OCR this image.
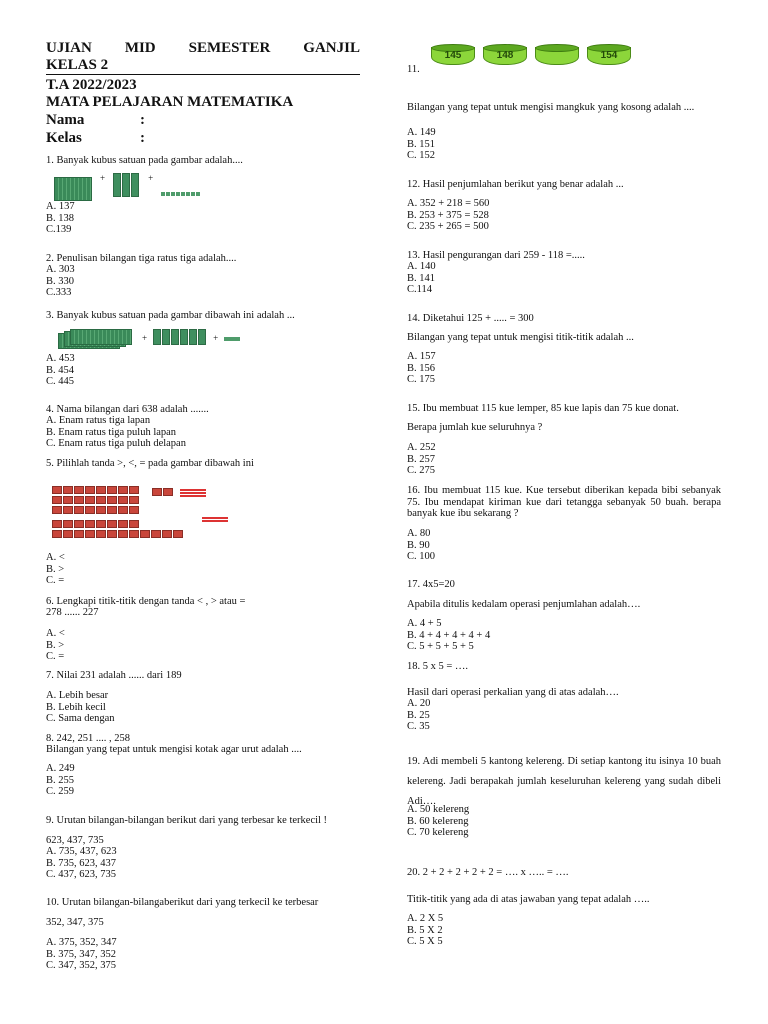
UJIAN MID SEMESTER GANJIL
KELAS 2
T.A 2022/2023
MATA PELAJARAN MATEMATIKA
Nama	:
Kelas	:
1. Banyak kubus satuan pada gambar adalah....
+	+
A. 137
B. 138
C.139
2. Penulisan bilangan tiga ratus tiga adalah....
A. 303
B. 330
C.333
3. Banyak kubus satuan pada gambar dibawah ini adalah ...
+	+
A. 453
B. 454
C. 445
4. Nama bilangan dari 638 adalah .......
A. Enam ratus tiga lapan
B. Enam ratus tiga puluh lapan
C. Enam ratus tiga puluh delapan
5. Pilihlah tanda >, <, = pada gambar dibawah ini
A. <
B. >
C. =
6. Lengkapi titik-titik dengan tanda < , > atau =
278 ...... 227
A. <
B. >
C. =
7. Nilai 231 adalah ...... dari 189
A. Lebih besar
B. Lebih kecil
C. Sama dengan
8. 242, 251 .... , 258
Bilangan yang tepat untuk mengisi kotak agar urut adalah ....
A. 249
B. 255
C. 259
9. Urutan bilangan-bilangan berikut dari yang terbesar ke terkecil !
623, 437, 735
A. 735, 437, 623
B. 735, 623, 437
C. 437, 623, 735
10. Urutan bilangan-bilangaberikut dari yang terkecil ke terbesar
352, 347, 375
A. 375, 352, 347
B. 375, 347, 352
C. 347, 352, 375
11.
145	148	154
Bilangan yang tepat untuk mengisi mangkuk yang kosong adalah ....
A. 149
B. 151
C. 152
12. Hasil penjumlahan berikut yang benar adalah ...
A. 352 + 218 = 560
B. 253 + 375 = 528
C. 235 + 265 = 500
13. Hasil pengurangan dari 259 - 118 =.....
A. 140
B. 141
C.114
14. Diketahui 125 + ..... = 300
Bilangan yang tepat untuk mengisi titik-titik adalah ...
A. 157
B. 156
C. 175
15. Ibu membuat 115 kue lemper, 85 kue lapis dan 75 kue donat.
Berapa jumlah kue seluruhnya ?
A. 252
B. 257
C. 275
16. Ibu membuat 115 kue. Kue tersebut diberikan kepada bibi sebanyak 75. Ibu mendapat kiriman kue dari tetangga sebanyak 50 buah. berapa banyak kue ibu sekarang ?
A. 80
B. 90
C. 100
17. 4x5=20
Apabila ditulis kedalam operasi penjumlahan adalah….
A. 4 + 5
B. 4 + 4 + 4 + 4 + 4
C. 5 + 5 + 5 + 5
18. 5 x 5 = ….
Hasil dari operasi perkalian yang di atas adalah….
A. 20
B. 25
C. 35
19. Adi membeli 5 kantong kelereng. Di setiap kantong itu isinya 10 buah kelereng. Jadi berapakah jumlah keseluruhan kelereng yang sudah dibeli Adi….
A. 50 kelereng
B. 60 kelereng
C. 70 kelereng
20. 2 + 2 + 2 + 2 + 2 = …. x ….. = ….
Titik-titik yang ada di atas jawaban yang tepat adalah …..
A. 2 X 5
B. 5 X 2
C. 5 X 5
